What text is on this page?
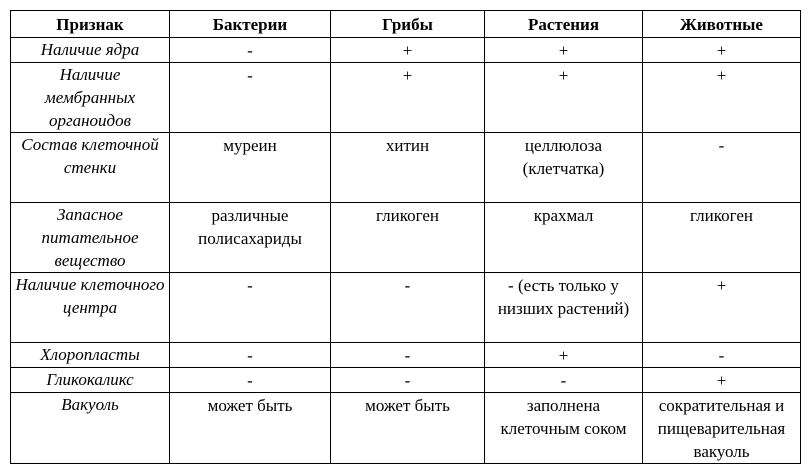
Признак	Бактерии	Грибы	Растения	Животные
Наличие ядра	-	+	+	+
Наличие мембранных органоидов	-	+	+	+
Состав клеточной стенки	муреин	хитин	целлюлоза (клетчатка)	-
Запасное питательное вещество	различные полисахариды	гликоген	крахмал	гликоген
Наличие клеточного центра	-	-	- (есть только у низших растений)	+
Хлоропласты	-	-	+	-
Гликокаликс	-	-	-	+
Вакуоль	может быть	может быть	заполнена клеточным соком	сократительная и пищеварительная вакуоль
